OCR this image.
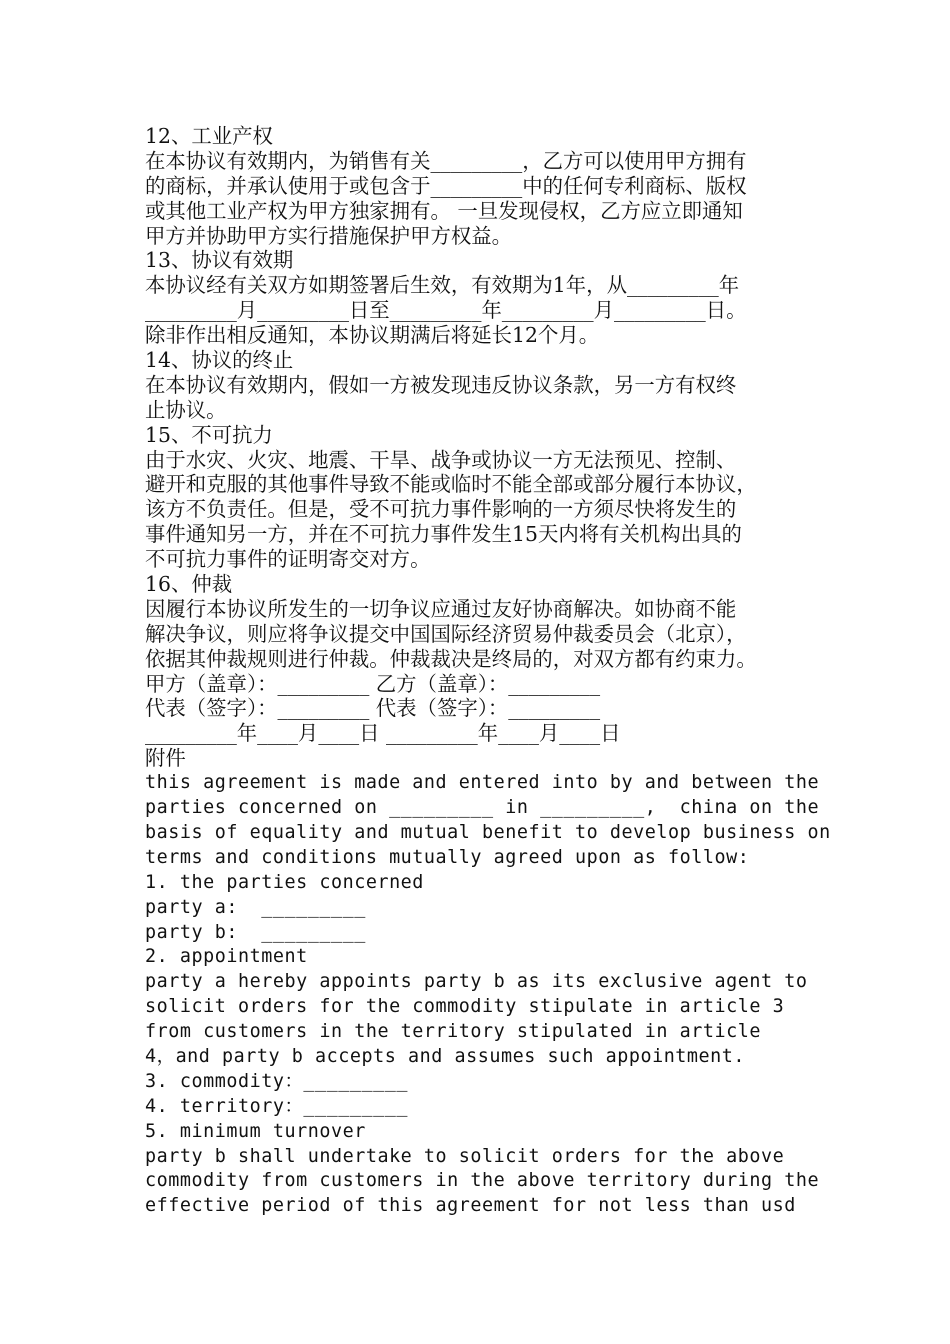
12、工业产权
在本协议有效期内，为销售有关_________，乙方可以使用甲方拥有
的商标，并承认使用于或包含于_________中的任何专利商标、版权
或其他工业产权为甲方独家拥有。 一旦发现侵权，乙方应立即通知
甲方并协助甲方实行措施保护甲方权益。
13、协议有效期
本协议经有关双方如期签署后生效，有效期为1年，从_________年
_________月_________日至_________年_________月_________日。
除非作出相反通知，本协议期满后将延长12个月。
14、协议的终止
在本协议有效期内，假如一方被发现违反协议条款，另一方有权终
止协议。
15、不可抗力
由于水灾、火灾、地震、干旱、战争或协议一方无法预见、控制、
避开和克服的其他事件导致不能或临时不能全部或部分履行本协议，
该方不负责任。但是，受不可抗力事件影响的一方须尽快将发生的
事件通知另一方，并在不可抗力事件发生15天内将有关机构出具的
不可抗力事件的证明寄交对方。
16、仲裁
因履行本协议所发生的一切争议应通过友好协商解决。如协商不能
解决争议，则应将争议提交中国国际经济贸易仲裁委员会（北京），
依据其仲裁规则进行仲裁。仲裁裁决是终局的，对双方都有约束力。
甲方（盖章）：_________ 乙方（盖章）：_________
代表（签字）：_________ 代表（签字）：_________
_________年____月____日 _________年____月____日
附件
this agreement is made and entered into by and between the
parties concerned on _________ in _________,  china on the
basis of equality and mutual benefit to develop business on
terms and conditions mutually agreed upon as follow:
1. the parties concerned
party a:  _________
party b:  _________
2. appointment
party a hereby appoints party b as its exclusive agent to
solicit orders for the commodity stipulate in article 3
from customers in the territory stipulated in article
4，and party b accepts and assumes such appointment.
3. commodity：_________
4. territory：_________
5. minimum turnover
party b shall undertake to solicit orders for the above
commodity from customers in the above territory during the
effective period of this agreement for not less than usd
